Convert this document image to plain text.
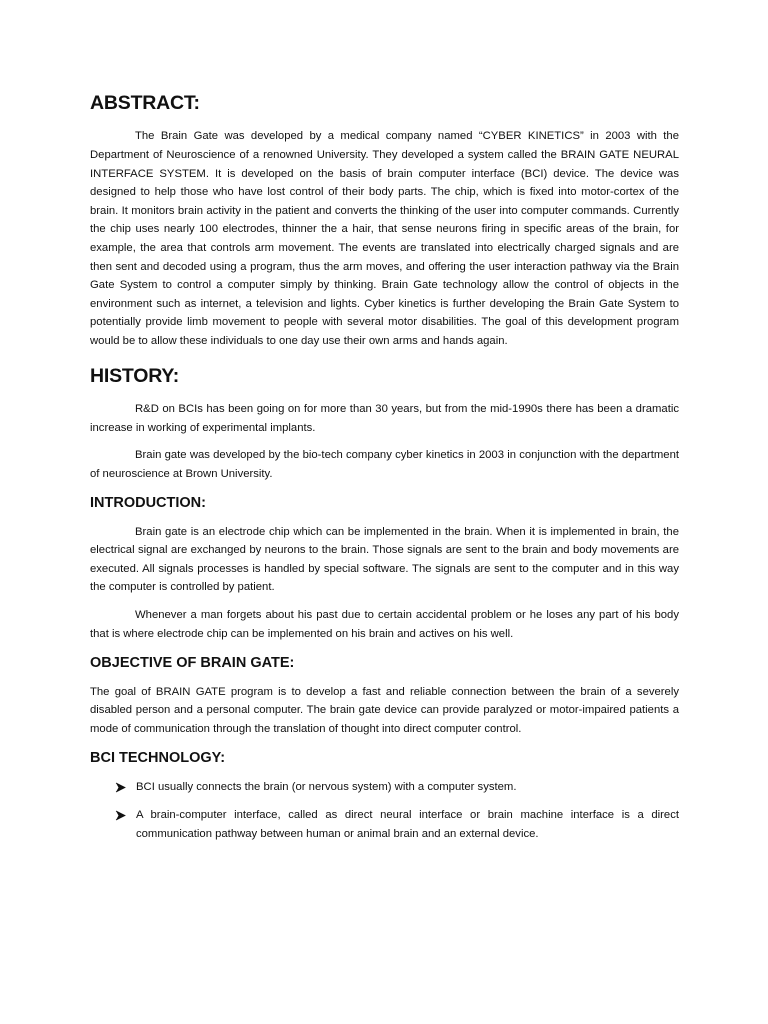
ABSTRACT:

The Brain Gate was developed by a medical company named “CYBER KINETICS” in 2003 with the Department of Neuroscience of a renowned University. They developed a system called the BRAIN GATE NEURAL INTERFACE SYSTEM. It is developed on the basis of brain computer interface (BCI) device. The device was designed to help those who have lost control of their body parts. The chip, which is fixed into motor-cortex of the brain. It monitors brain activity in the patient and converts the thinking of the user into computer commands. Currently the chip uses nearly 100 electrodes, thinner the a hair, that sense neurons firing in specific areas of the brain, for example, the area that controls arm movement. The events are translated into electrically charged signals and are then sent and decoded using a program, thus the arm moves, and offering the user interaction pathway via the Brain Gate System to control a computer simply by thinking. Brain Gate technology allow the control of objects in the environment such as internet, a television and lights. Cyber kinetics is further developing the Brain Gate System to potentially provide limb movement to people with several motor disabilities. The goal of this development program would be to allow these individuals to one day use their own arms and hands again.

HISTORY:

R&D on BCIs has been going on for more than 30 years, but from the mid-1990s there has been a dramatic increase in working of experimental implants.

Brain gate was developed by the bio-tech company cyber kinetics in 2003 in conjunction with the department of neuroscience at Brown University.

INTRODUCTION:

Brain gate is an electrode chip which can be implemented in the brain. When it is implemented in brain, the electrical signal are exchanged by neurons to the brain. Those signals are sent to the brain and body movements are executed. All signals processes is handled by special software. The signals are sent to the computer and in this way the computer is controlled by patient.

Whenever a man forgets about his past due to certain accidental problem or he loses any part of his body that is where electrode chip can be implemented on his brain and actives on his well.

OBJECTIVE OF BRAIN GATE:

The goal of BRAIN GATE program is to develop a fast and reliable connection between the brain of a severely disabled person and a personal computer. The brain gate device can provide paralyzed or motor-impaired patients a mode of communication through the translation of thought into direct computer control.

BCI TECHNOLOGY:
BCI usually connects the brain (or nervous system) with a computer system.
A brain-computer interface, called as direct neural interface or brain machine interface is a direct communication pathway between human or animal brain and an external device.
